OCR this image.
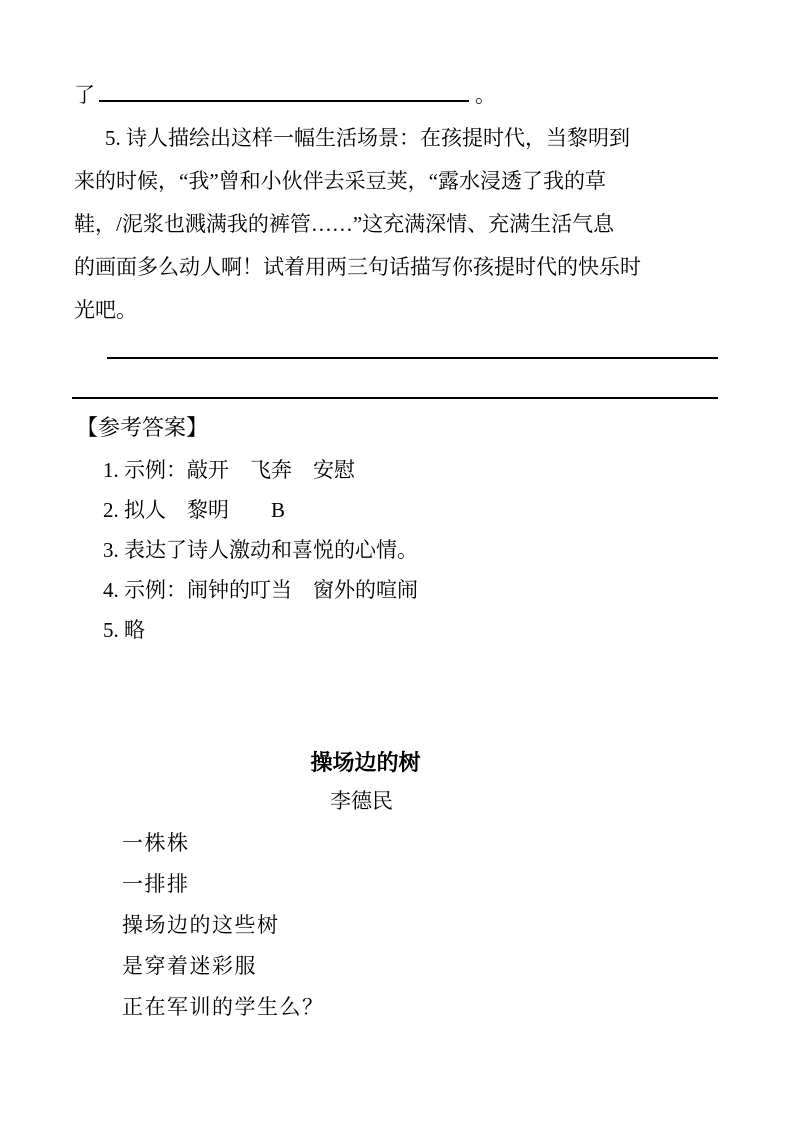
了	。
5. 诗人描绘出这样一幅生活场景：在孩提时代，当黎明到
来的时候，“我”曾和小伙伴去采豆荚，“露水浸透了我的草
鞋，/泥浆也溅满我的裤管……”这充满深情、充满生活气息
的画面多么动人啊！试着用两三句话描写你孩提时代的快乐时
光吧。
【参考答案】
1. 示例：敲开　飞奔　安慰
2. 拟人　黎明　　B
3. 表达了诗人激动和喜悦的心情。
4. 示例：闹钟的叮当　窗外的喧闹
5. 略
操场边的树
李德民
一株株
一排排
操场边的这些树
是穿着迷彩服
正在军训的学生么？
